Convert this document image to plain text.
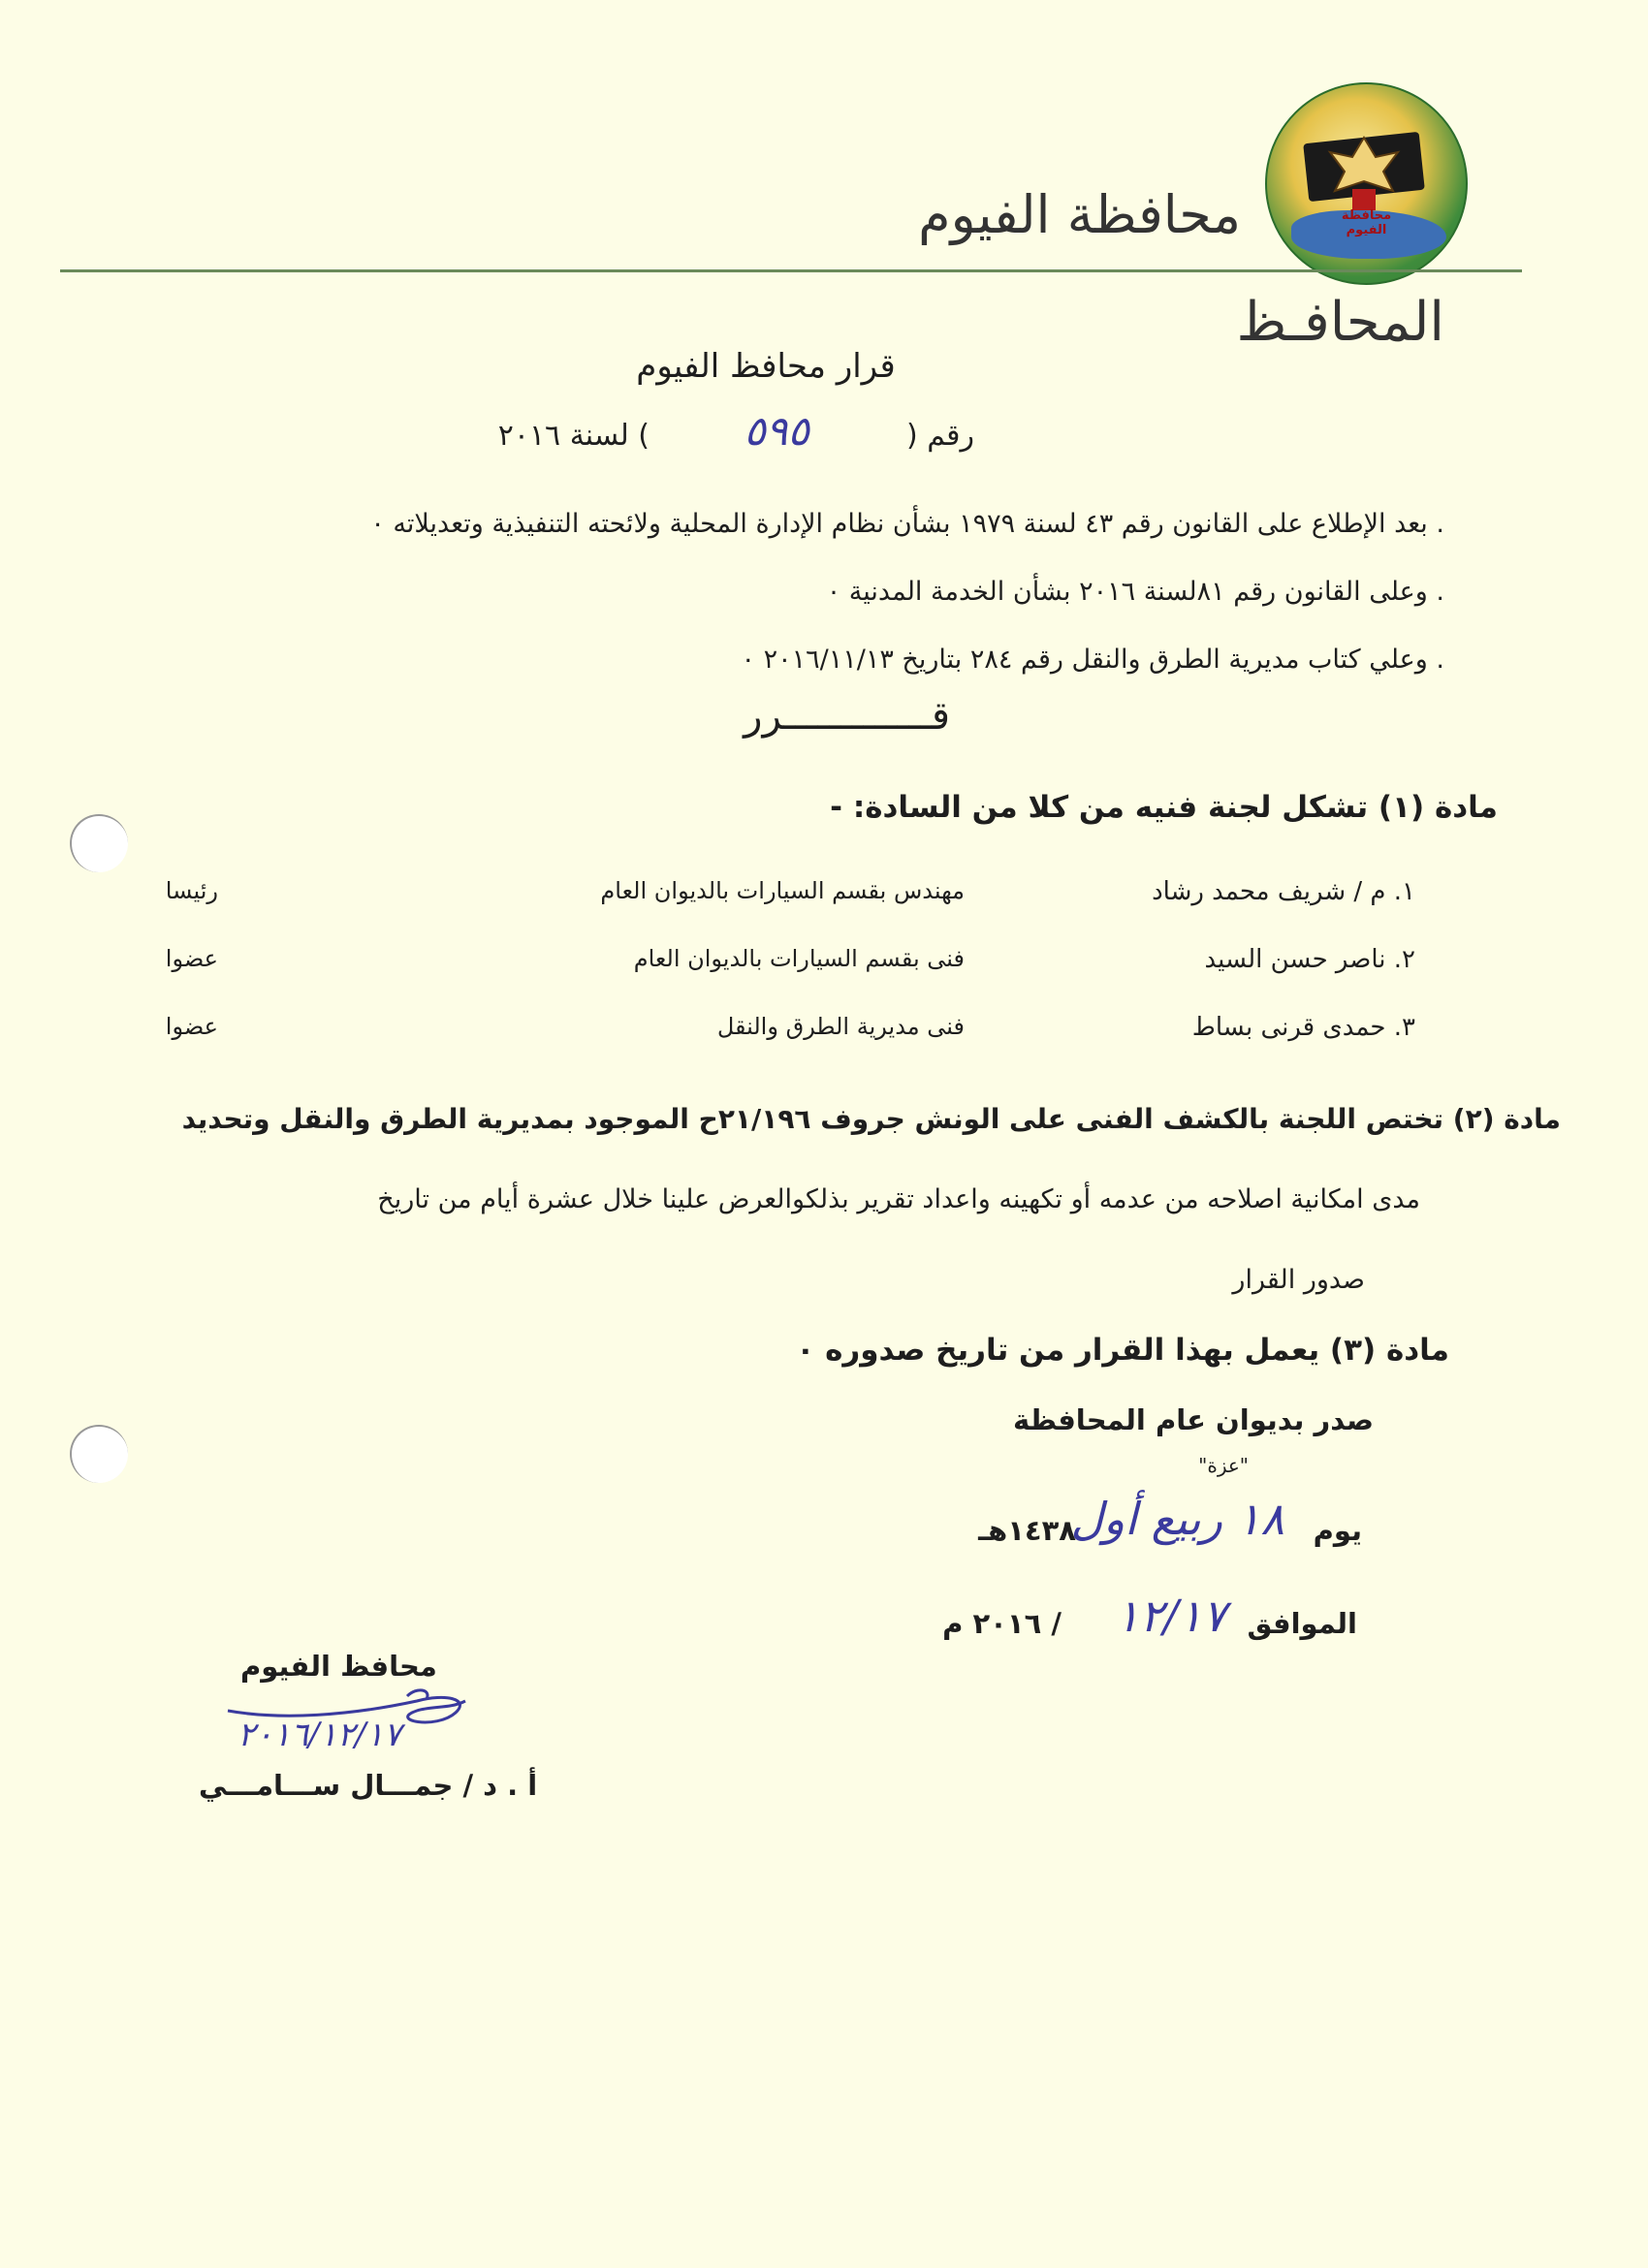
محافظة الفيوم
محافظة الفيوم
المحافـظ
قرار محافظ الفيوم
رقم (
٥٩٥
) لسنة ٢٠١٦
. بعد الإطلاع على القانون رقم ٤٣ لسنة ١٩٧٩ بشأن نظام الإدارة المحلية ولائحته التنفيذية وتعديلاته ٠
. وعلى القانون رقم ٨١لسنة ٢٠١٦ بشأن الخدمة المدنية ٠
. وعلي كتاب مديرية الطرق والنقل رقم ٢٨٤ بتاريخ ٢٠١٦/١١/١٣ ٠
قـــــــــــــرر
مادة (١) تشكل لجنة فنيه من كلا من السادة: -
١. م / شريف محمد رشاد
مهندس بقسم السيارات بالديوان العام
رئيسا
٢. ناصر حسن السيد
فنى بقسم السيارات بالديوان العام
عضوا
٣. حمدى قرنى بساط
فنى مديرية الطرق والنقل
عضوا
مادة (٢) تختص اللجنة بالكشف الفنى على الونش جروف ٢١/١٩٦ح الموجود بمديرية الطرق والنقل وتحديد
مدى امكانية اصلاحه من عدمه أو تكهينه واعداد تقرير بذلكوالعرض علينا خلال عشرة أيام من تاريخ
صدور القرار
مادة (٣) يعمل بهذا القرار من تاريخ صدوره ٠
صدر بديوان عام المحافظة
"عزة"
يوم
١٨ ربيع أول
١٤٣٨هـ
الموافق
١٢/١٧
/ ٢٠١٦ م
محافظ الفيوم
٢٠١٦/١٢/١٧
أ . د / جمـــال ســـامـــي
